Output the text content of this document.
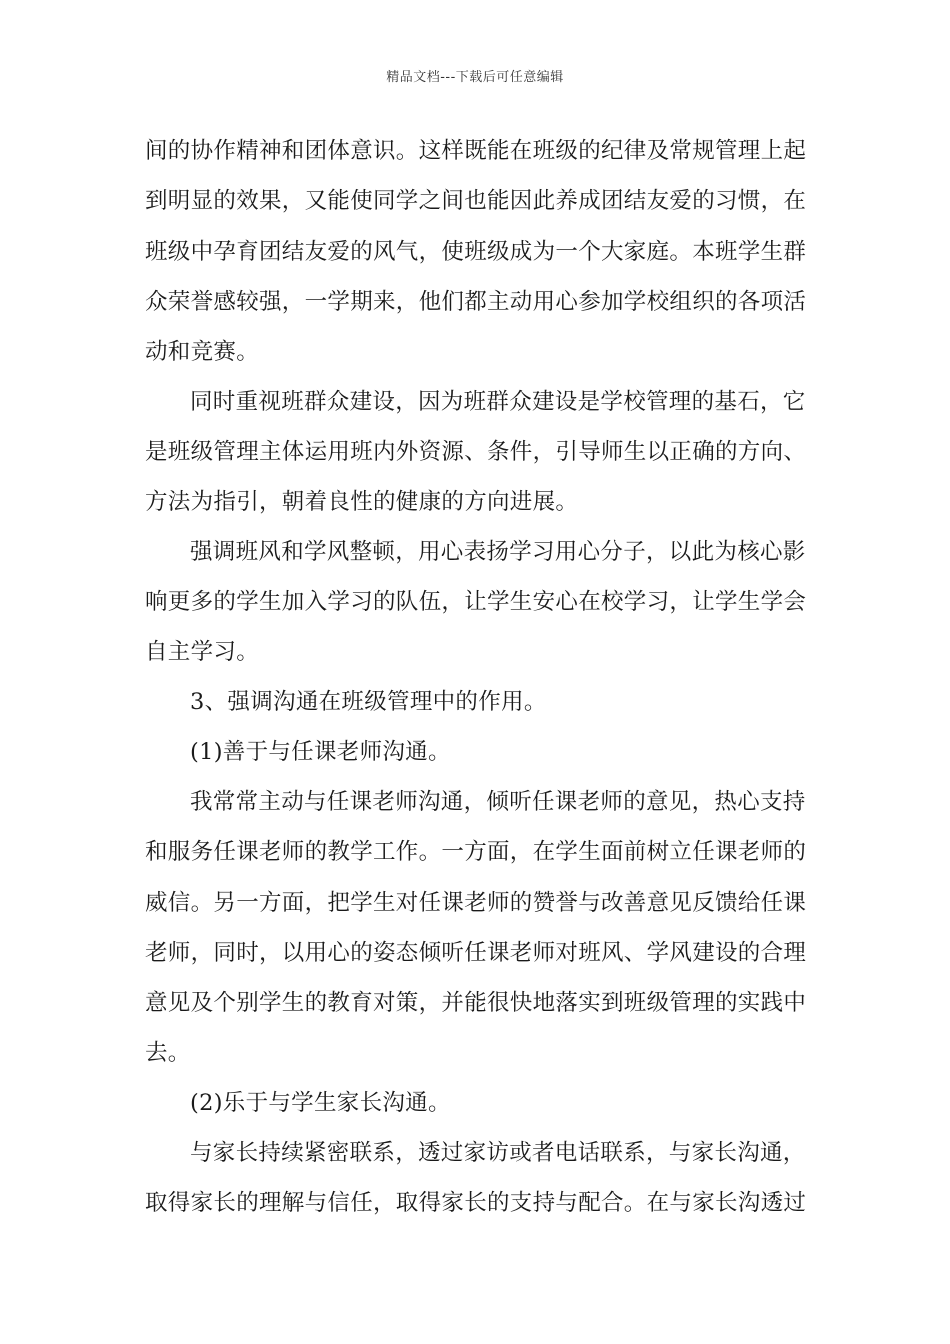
精品文档---下载后可任意编辑
间的协作精神和团体意识。这样既能在班级的纪律及常规管理上起
到明显的效果，又能使同学之间也能因此养成团结友爱的习惯，在
班级中孕育团结友爱的风气，使班级成为一个大家庭。本班学生群
众荣誉感较强，一学期来，他们都主动用心参加学校组织的各项活
动和竞赛。
同时重视班群众建设，因为班群众建设是学校管理的基石，它
是班级管理主体运用班内外资源、条件，引导师生以正确的方向、
方法为指引，朝着良性的健康的方向进展。
强调班风和学风整顿，用心表扬学习用心分子，以此为核心影
响更多的学生加入学习的队伍，让学生安心在校学习，让学生学会
自主学习。
3、强调沟通在班级管理中的作用。
(1)善于与任课老师沟通。
我常常主动与任课老师沟通，倾听任课老师的意见，热心支持
和服务任课老师的教学工作。一方面，在学生面前树立任课老师的
威信。另一方面，把学生对任课老师的赞誉与改善意见反馈给任课
老师，同时，以用心的姿态倾听任课老师对班风、学风建设的合理
意见及个别学生的教育对策，并能很快地落实到班级管理的实践中
去。
(2)乐于与学生家长沟通。
与家长持续紧密联系，透过家访或者电话联系，与家长沟通，
取得家长的理解与信任，取得家长的支持与配合。在与家长沟透过
